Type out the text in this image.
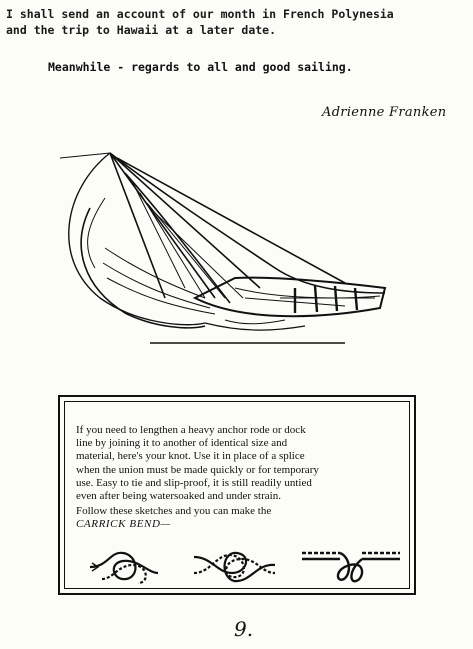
I shall send an account of our month in French Polynesia

and the trip to Hawaii at a later date.

Meanwhile - regards to all and good sailing.
Adrienne Franken

If you need to lengthen a heavy anchor rode or dock

line by joining it to another of identical size and

material, here's your knot. Use it in place of a splice

when the union must be made quickly or for temporary

use. Easy to tie and slip-proof, it is still readily untied

even after being watersoaked and under strain.

Follow these sketches and you can make the

CARRICK BEND—

9.
